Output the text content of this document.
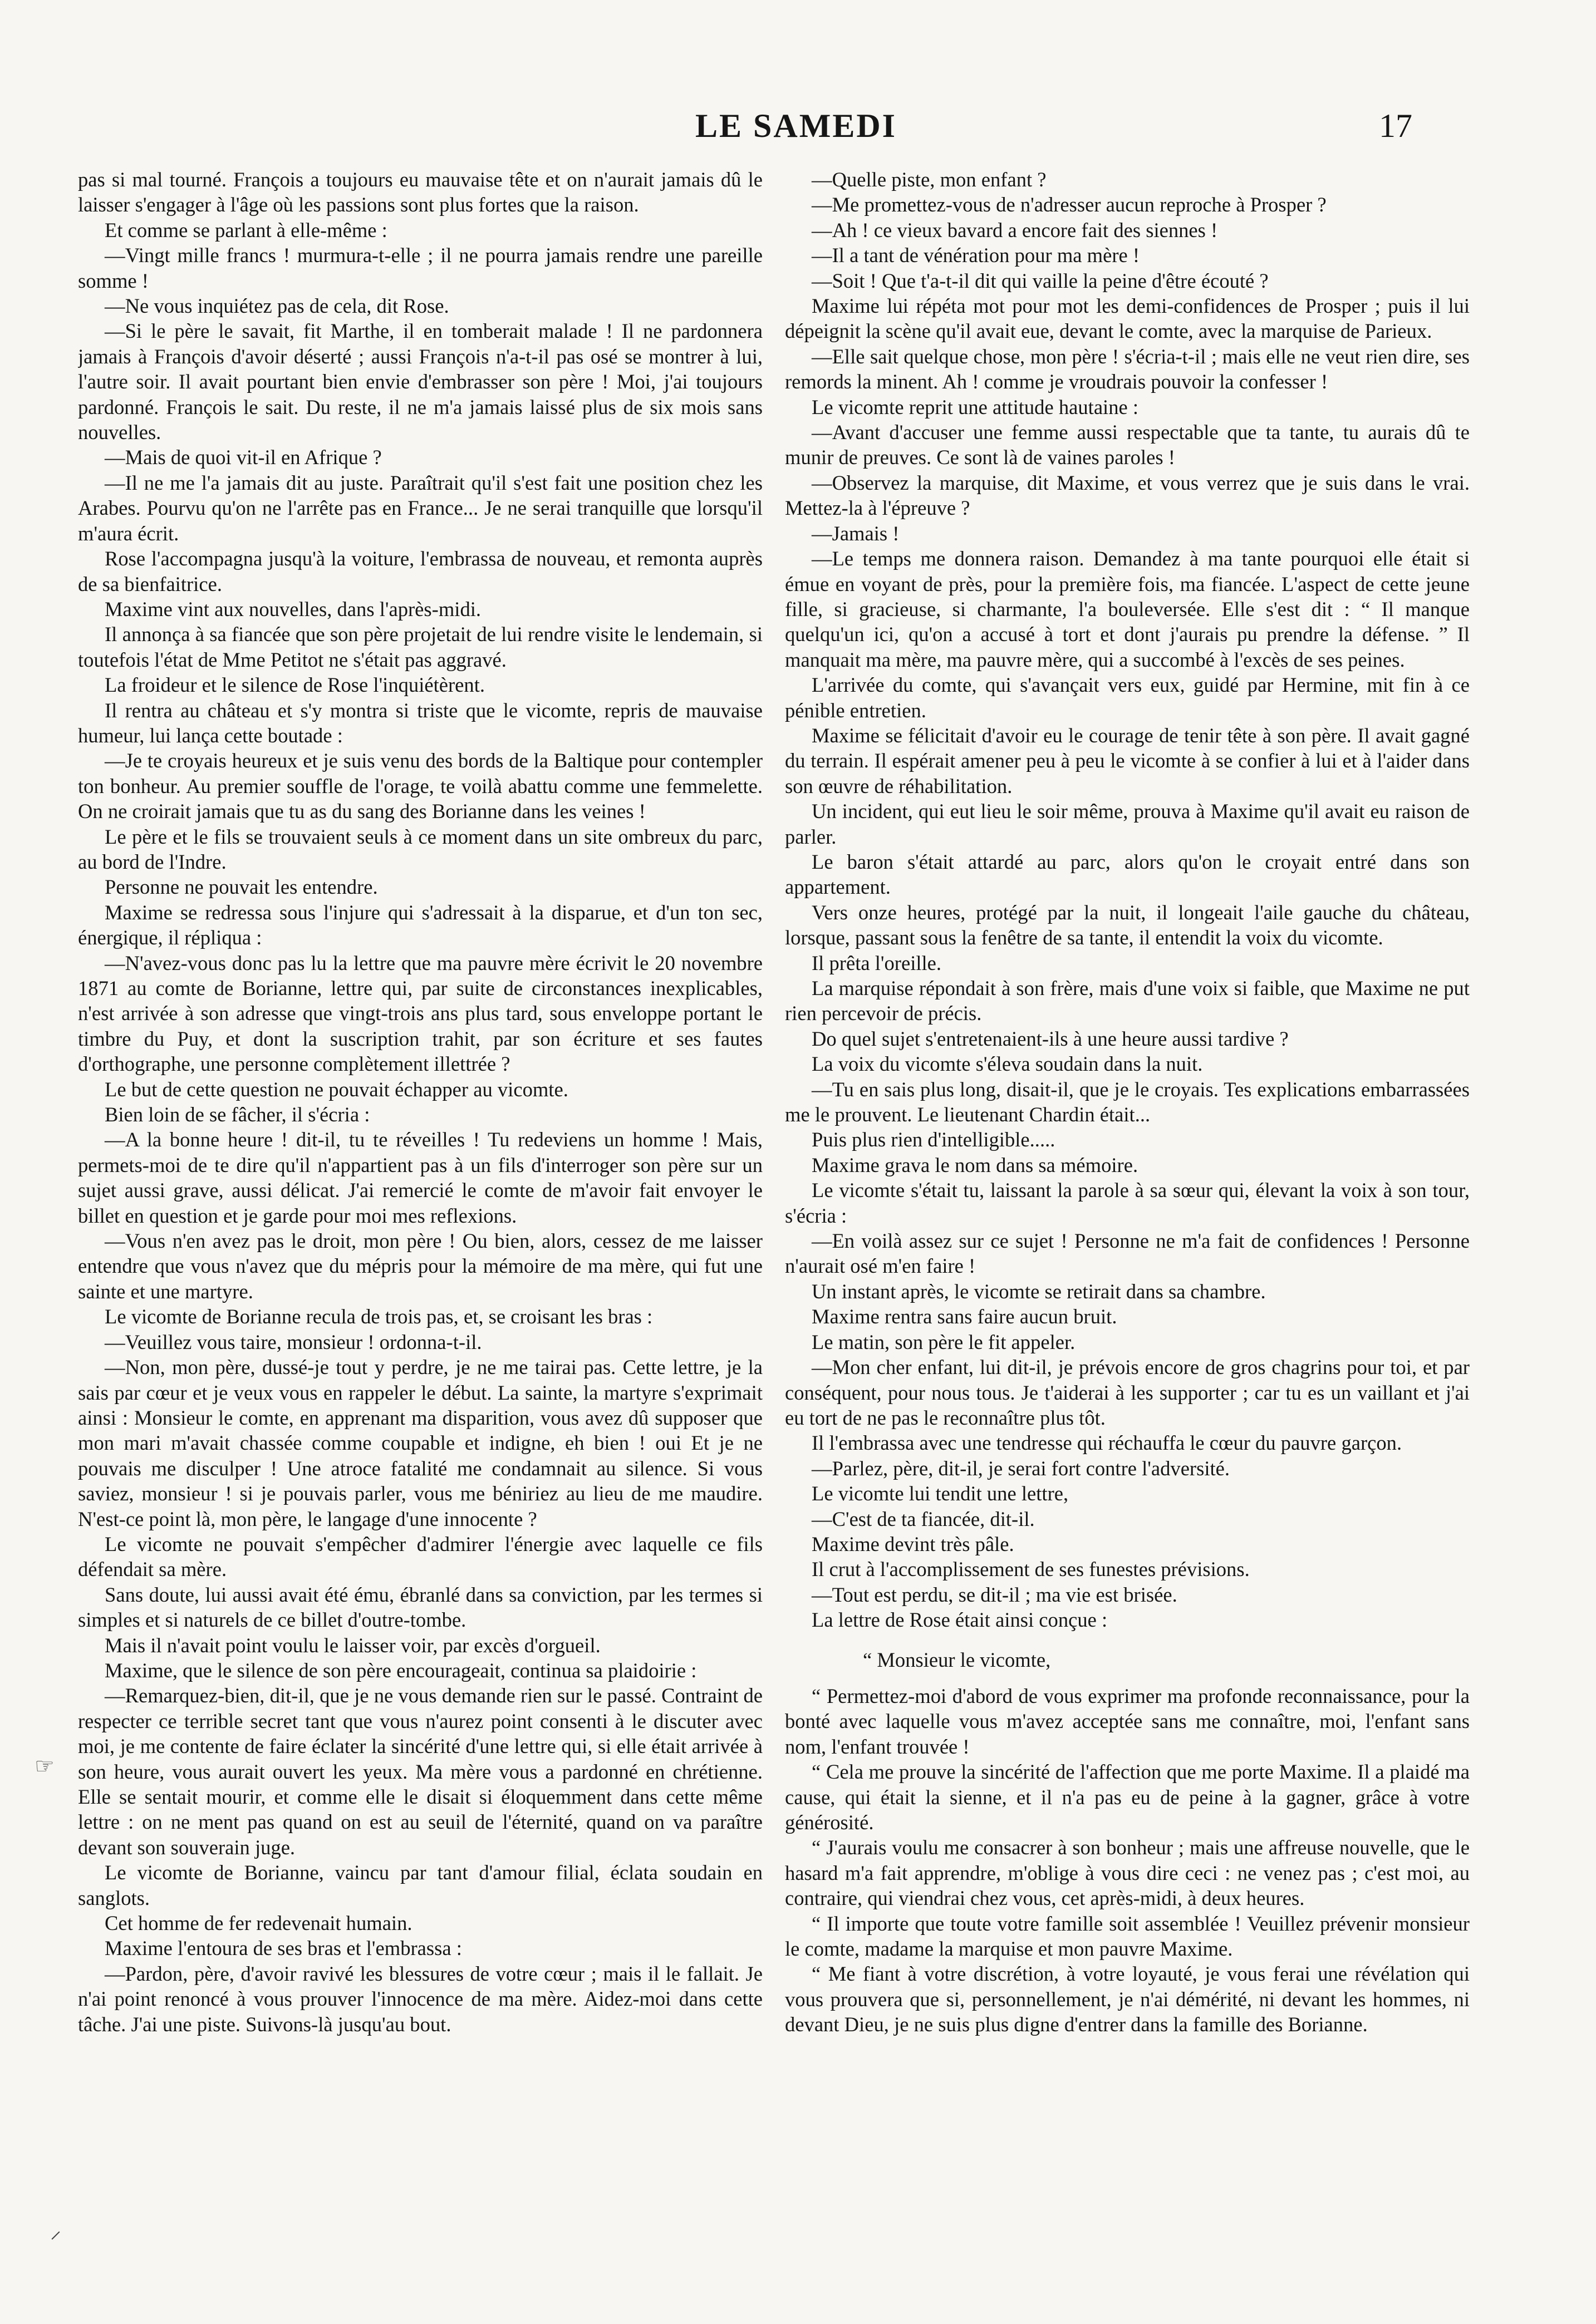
LE SAMEDI	17

pas si mal tourné. François a toujours eu mauvaise tête et on n'aurait jamais dû le laisser s'engager à l'âge où les passions sont plus fortes que la raison.

Et comme se parlant à elle-même :

—Vingt mille francs ! murmura-t-elle ; il ne pourra jamais rendre une pareille somme !

—Ne vous inquiétez pas de cela, dit Rose.

—Si le père le savait, fit Marthe, il en tomberait malade ! Il ne pardonnera jamais à François d'avoir déserté ; aussi François n'a-t-il pas osé se montrer à lui, l'autre soir. Il avait pourtant bien envie d'embrasser son père ! Moi, j'ai toujours pardonné. François le sait. Du reste, il ne m'a jamais laissé plus de six mois sans nouvelles.

—Mais de quoi vit-il en Afrique ?

—Il ne me l'a jamais dit au juste. Paraîtrait qu'il s'est fait une position chez les Arabes. Pourvu qu'on ne l'arrête pas en France... Je ne serai tranquille que lorsqu'il m'aura écrit.

Rose l'accompagna jusqu'à la voiture, l'embrassa de nouveau, et remonta auprès de sa bienfaitrice.

Maxime vint aux nouvelles, dans l'après-midi.

Il annonça à sa fiancée que son père projetait de lui rendre visite le lendemain, si toutefois l'état de Mme Petitot ne s'était pas aggravé.

La froideur et le silence de Rose l'inquiétèrent.

Il rentra au château et s'y montra si triste que le vicomte, repris de mauvaise humeur, lui lança cette boutade :

—Je te croyais heureux et je suis venu des bords de la Baltique pour contempler ton bonheur. Au premier souffle de l'orage, te voilà abattu comme une femmelette. On ne croirait jamais que tu as du sang des Borianne dans les veines !

Le père et le fils se trouvaient seuls à ce moment dans un site ombreux du parc, au bord de l'Indre.

Personne ne pouvait les entendre.

Maxime se redressa sous l'injure qui s'adressait à la disparue, et d'un ton sec, énergique, il répliqua :

—N'avez-vous donc pas lu la lettre que ma pauvre mère écrivit le 20 novembre 1871 au comte de Borianne, lettre qui, par suite de circonstances inexplicables, n'est arrivée à son adresse que vingt-trois ans plus tard, sous enveloppe portant le timbre du Puy, et dont la suscription trahit, par son écriture et ses fautes d'orthographe, une personne complètement illettrée ?

Le but de cette question ne pouvait échapper au vicomte.

Bien loin de se fâcher, il s'écria :

—A la bonne heure ! dit-il, tu te réveilles ! Tu redeviens un homme ! Mais, permets-moi de te dire qu'il n'appartient pas à un fils d'interroger son père sur un sujet aussi grave, aussi délicat. J'ai remercié le comte de m'avoir fait envoyer le billet en question et je garde pour moi mes reflexions.

—Vous n'en avez pas le droit, mon père ! Ou bien, alors, cessez de me laisser entendre que vous n'avez que du mépris pour la mémoire de ma mère, qui fut une sainte et une martyre.

Le vicomte de Borianne recula de trois pas, et, se croisant les bras :

—Veuillez vous taire, monsieur ! ordonna-t-il.

—Non, mon père, dussé-je tout y perdre, je ne me tairai pas. Cette lettre, je la sais par cœur et je veux vous en rappeler le début. La sainte, la martyre s'exprimait ainsi : Monsieur le comte, en apprenant ma disparition, vous avez dû supposer que mon mari m'avait chassée comme coupable et indigne, eh bien ! oui Et je ne pouvais me disculper ! Une atroce fatalité me condamnait au silence. Si vous saviez, monsieur ! si je pouvais parler, vous me béniriez au lieu de me maudire. N'est-ce point là, mon père, le langage d'une innocente ?

Le vicomte ne pouvait s'empêcher d'admirer l'énergie avec laquelle ce fils défendait sa mère.

Sans doute, lui aussi avait été ému, ébranlé dans sa conviction, par les termes si simples et si naturels de ce billet d'outre-tombe.

Mais il n'avait point voulu le laisser voir, par excès d'orgueil.

Maxime, que le silence de son père encourageait, continua sa plaidoirie :

—Remarquez-bien, dit-il, que je ne vous demande rien sur le passé. Contraint de respecter ce terrible secret tant que vous n'aurez point consenti à le discuter avec moi, je me contente de faire éclater la sincérité d'une lettre qui, si elle était arrivée à son heure, vous aurait ouvert les yeux. Ma mère vous a pardonné en chrétienne. Elle se sentait mourir, et comme elle le disait si éloquemment dans cette même lettre : on ne ment pas quand on est au seuil de l'éternité, quand on va paraître devant son souverain juge.

Le vicomte de Borianne, vaincu par tant d'amour filial, éclata soudain en sanglots.

Cet homme de fer redevenait humain.

Maxime l'entoura de ses bras et l'embrassa :

—Pardon, père, d'avoir ravivé les blessures de votre cœur ; mais il le fallait. Je n'ai point renoncé à vous prouver l'innocence de ma mère. Aidez-moi dans cette tâche. J'ai une piste. Suivons-là jusqu'au bout.

—Quelle piste, mon enfant ?

—Me promettez-vous de n'adresser aucun reproche à Prosper ?

—Ah ! ce vieux bavard a encore fait des siennes !

—Il a tant de vénération pour ma mère !

—Soit ! Que t'a-t-il dit qui vaille la peine d'être écouté ?

Maxime lui répéta mot pour mot les demi-confidences de Prosper ; puis il lui dépeignit la scène qu'il avait eue, devant le comte, avec la marquise de Parieux.

—Elle sait quelque chose, mon père ! s'écria-t-il ; mais elle ne veut rien dire, ses remords la minent. Ah ! comme je vroudrais pouvoir la confesser !

Le vicomte reprit une attitude hautaine :

—Avant d'accuser une femme aussi respectable que ta tante, tu aurais dû te munir de preuves. Ce sont là de vaines paroles !

—Observez la marquise, dit Maxime, et vous verrez que je suis dans le vrai. Mettez-la à l'épreuve ?

—Jamais !

—Le temps me donnera raison. Demandez à ma tante pourquoi elle était si émue en voyant de près, pour la première fois, ma fiancée. L'aspect de cette jeune fille, si gracieuse, si charmante, l'a bouleversée. Elle s'est dit : “ Il manque quelqu'un ici, qu'on a accusé à tort et dont j'aurais pu prendre la défense. ” Il manquait ma mère, ma pauvre mère, qui a succombé à l'excès de ses peines.

L'arrivée du comte, qui s'avançait vers eux, guidé par Hermine, mit fin à ce pénible entretien.

Maxime se félicitait d'avoir eu le courage de tenir tête à son père. Il avait gagné du terrain. Il espérait amener peu à peu le vicomte à se confier à lui et à l'aider dans son œuvre de réhabilitation.

Un incident, qui eut lieu le soir même, prouva à Maxime qu'il avait eu raison de parler.

Le baron s'était attardé au parc, alors qu'on le croyait entré dans son appartement.

Vers onze heures, protégé par la nuit, il longeait l'aile gauche du château, lorsque, passant sous la fenêtre de sa tante, il entendit la voix du vicomte.

Il prêta l'oreille.

La marquise répondait à son frère, mais d'une voix si faible, que Maxime ne put rien percevoir de précis.

Do quel sujet s'entretenaient-ils à une heure aussi tardive ?

La voix du vicomte s'éleva soudain dans la nuit.

—Tu en sais plus long, disait-il, que je le croyais. Tes explications embarrassées me le prouvent. Le lieutenant Chardin était...

Puis plus rien d'intelligible.....

Maxime grava le nom dans sa mémoire.

Le vicomte s'était tu, laissant la parole à sa sœur qui, élevant la voix à son tour, s'écria :

—En voilà assez sur ce sujet ! Personne ne m'a fait de confidences ! Personne n'aurait osé m'en faire !

Un instant après, le vicomte se retirait dans sa chambre.

Maxime rentra sans faire aucun bruit.

Le matin, son père le fit appeler.

—Mon cher enfant, lui dit-il, je prévois encore de gros chagrins pour toi, et par conséquent, pour nous tous. Je t'aiderai à les supporter ; car tu es un vaillant et j'ai eu tort de ne pas le reconnaître plus tôt.

Il l'embrassa avec une tendresse qui réchauffa le cœur du pauvre garçon.

—Parlez, père, dit-il, je serai fort contre l'adversité.

Le vicomte lui tendit une lettre,

—C'est de ta fiancée, dit-il.

Maxime devint très pâle.

Il crut à l'accomplissement de ses funestes prévisions.

—Tout est perdu, se dit-il ; ma vie est brisée.

La lettre de Rose était ainsi conçue :

“ Monsieur le vicomte,

“ Permettez-moi d'abord de vous exprimer ma profonde reconnaissance, pour la bonté avec laquelle vous m'avez acceptée sans me connaître, moi, l'enfant sans nom, l'enfant trouvée !

“ Cela me prouve la sincérité de l'affection que me porte Maxime. Il a plaidé ma cause, qui était la sienne, et il n'a pas eu de peine à la gagner, grâce à votre générosité.

“ J'aurais voulu me consacrer à son bonheur ; mais une affreuse nouvelle, que le hasard m'a fait apprendre, m'oblige à vous dire ceci : ne venez pas ; c'est moi, au contraire, qui viendrai chez vous, cet après-midi, à deux heures.

“ Il importe que toute votre famille soit assemblée ! Veuillez prévenir monsieur le comte, madame la marquise et mon pauvre Maxime.

“ Me fiant à votre discrétion, à votre loyauté, je vous ferai une révélation qui vous prouvera que si, personnellement, je n'ai démérité, ni devant les hommes, ni devant Dieu, je ne suis plus digne d'entrer dans la famille des Borianne.

☞
⸍
